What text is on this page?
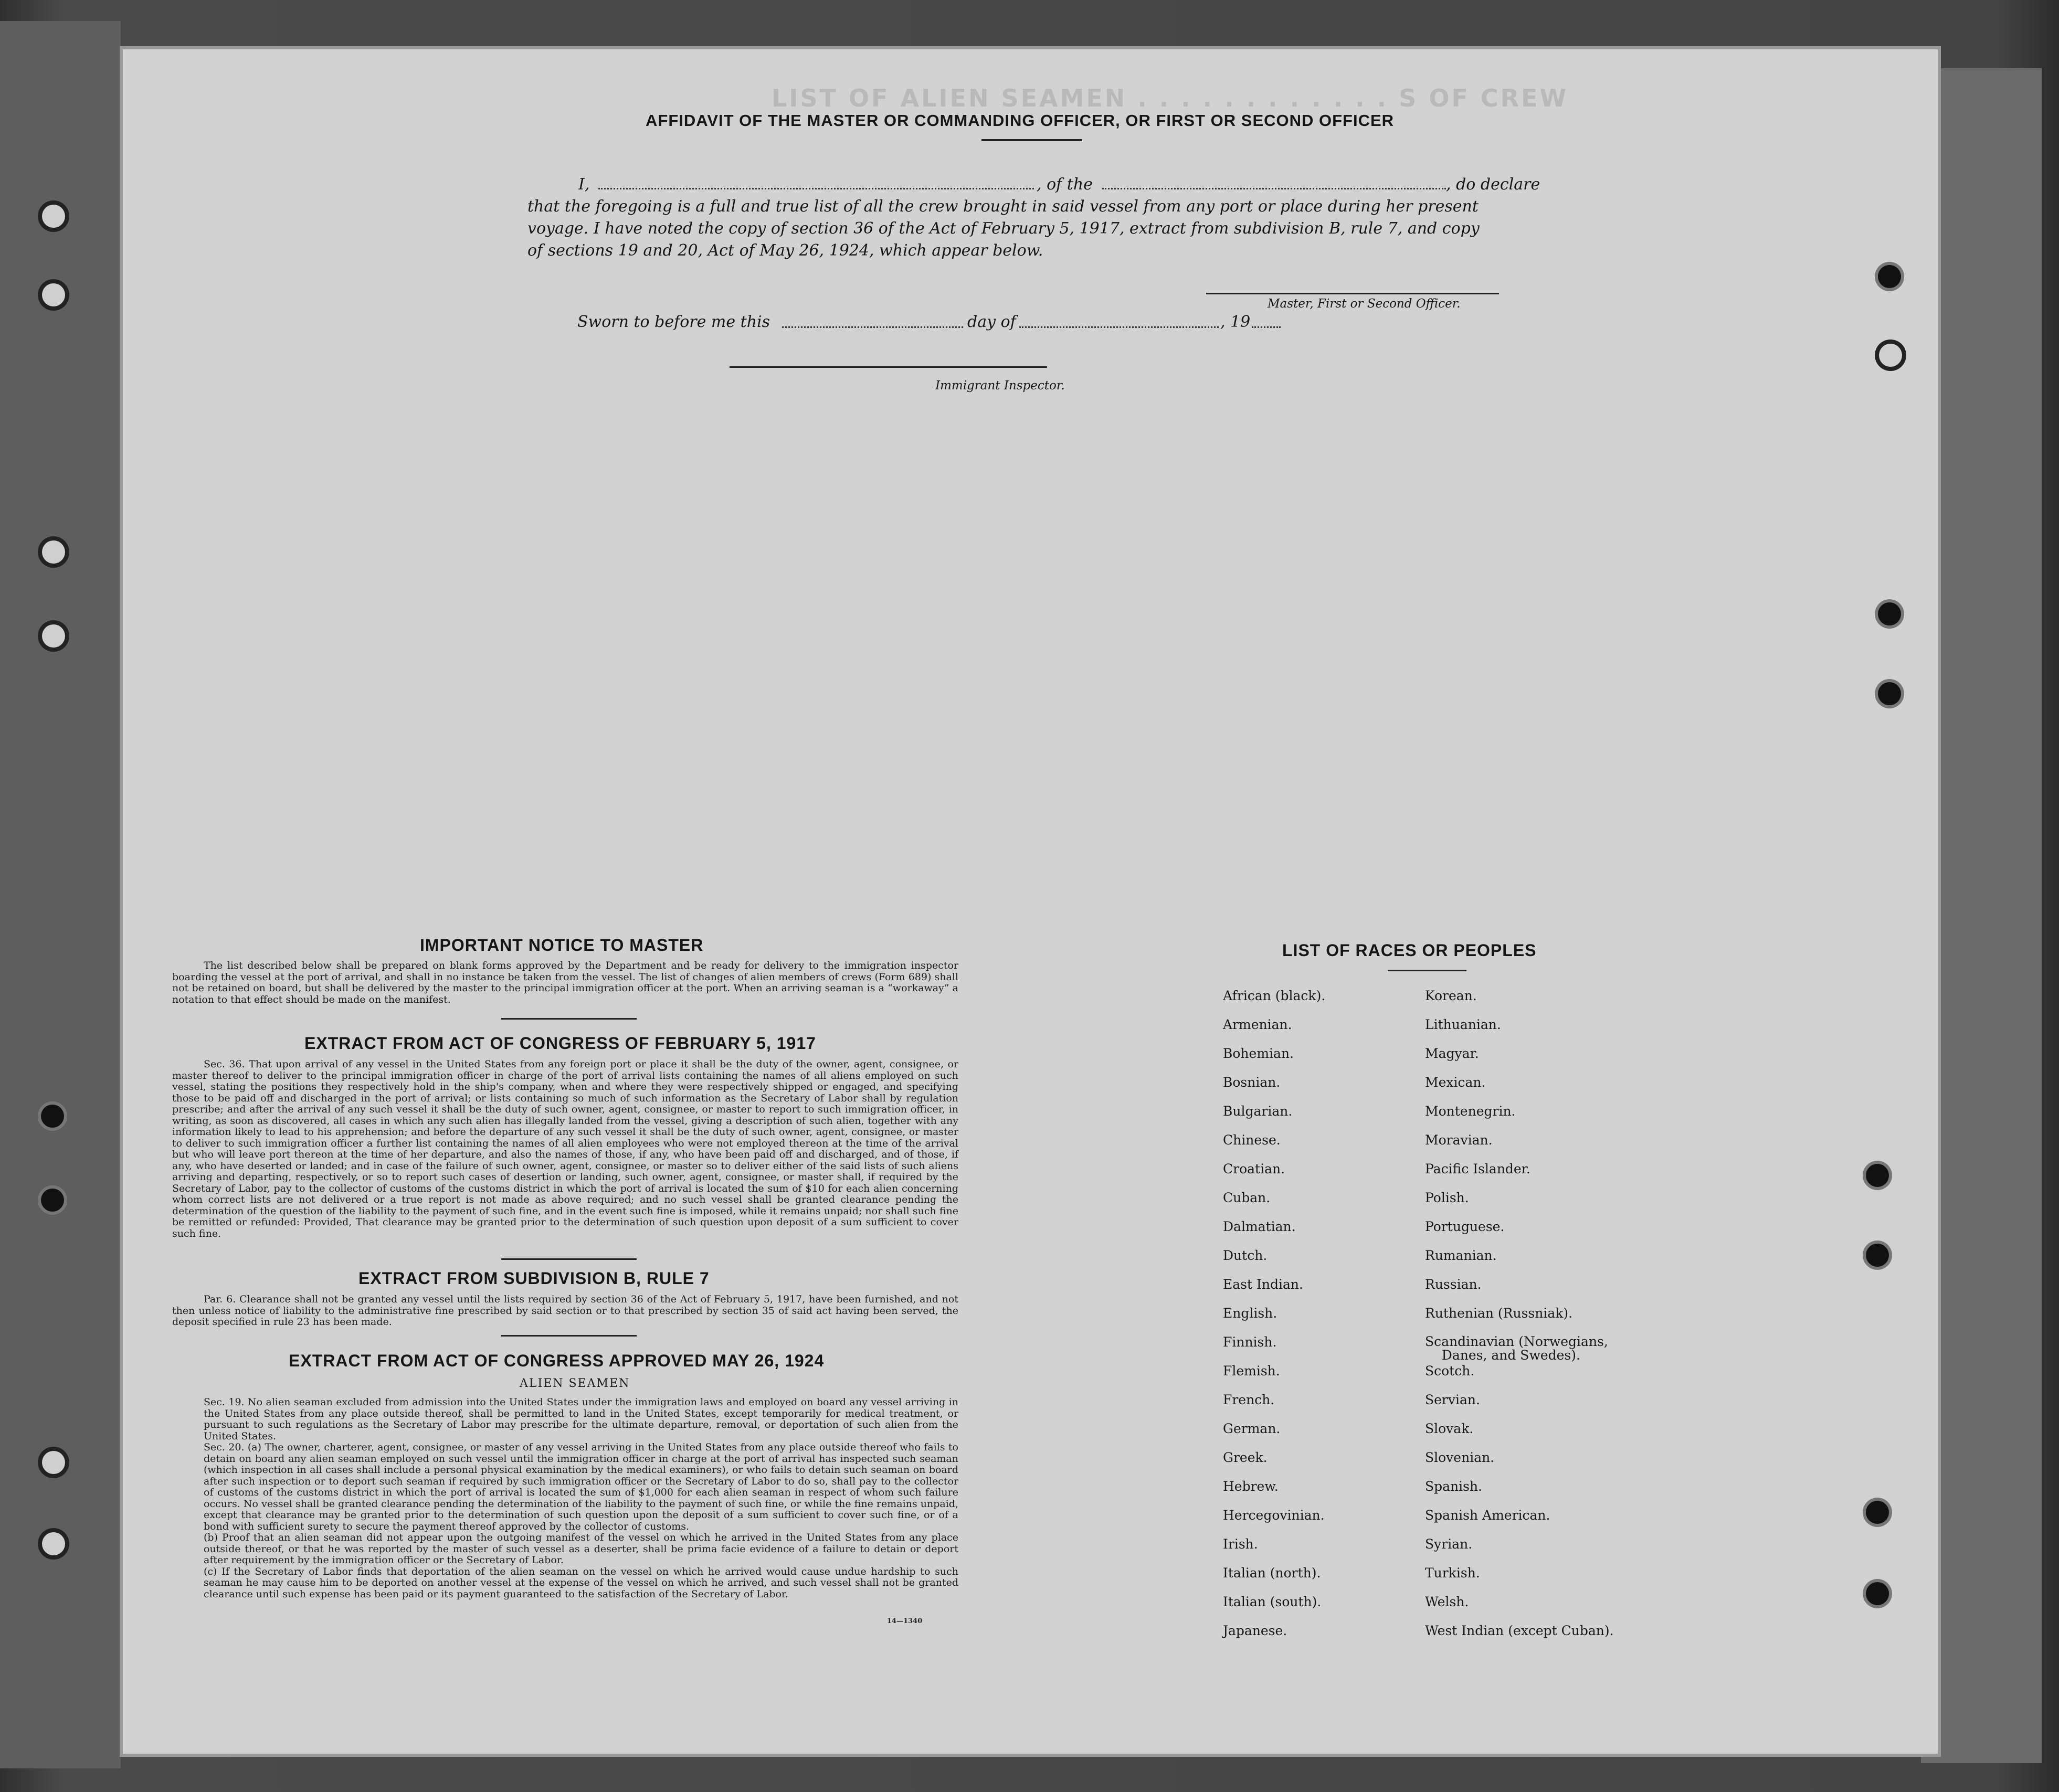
AFFIDAVIT OF THE MASTER OR COMMANDING OFFICER, OR FIRST OR SECOND OFFICER
I,	, of the	, do declare
that the foregoing is a full and true list of all the crew brought in said vessel from any port or place during her present
voyage. I have noted the copy of section 36 of the Act of February 5, 1917, extract from subdivision B, rule 7, and copy
of sections 19 and 20, Act of May 26, 1924, which appear below.
Master, First or Second Officer.
Sworn to before me this	day of	, 19
Immigrant Inspector.
LIST OF ALIEN SEAMEN . . . . . . . . . . . . S OF CREW
IMPORTANT NOTICE TO MASTER
The list described below shall be prepared on blank forms approved by the Department and be ready for delivery to the immigration inspector boarding the vessel at the port of arrival, and shall in no instance be taken from the vessel. The list of changes of alien members of crews (Form 689) shall not be retained on board, but shall be delivered by the master to the principal immigration officer at the port. When an arriving seaman is a “workaway” a notation to that effect should be made on the manifest.
EXTRACT FROM ACT OF CONGRESS OF FEBRUARY 5, 1917
Sec. 36. That upon arrival of any vessel in the United States from any foreign port or place it shall be the duty of the owner, agent, consignee, or master thereof to deliver to the principal immigration officer in charge of the port of arrival lists containing the names of all aliens employed on such vessel, stating the positions they respectively hold in the ship's company, when and where they were respectively shipped or engaged, and specifying those to be paid off and discharged in the port of arrival; or lists containing so much of such information as the Secretary of Labor shall by regulation prescribe; and after the arrival of any such vessel it shall be the duty of such owner, agent, consignee, or master to report to such immigration officer, in writing, as soon as discovered, all cases in which any such alien has illegally landed from the vessel, giving a description of such alien, together with any information likely to lead to his apprehension; and before the departure of any such vessel it shall be the duty of such owner, agent, consignee, or master to deliver to such immigration officer a further list containing the names of all alien employees who were not employed thereon at the time of the arrival but who will leave port thereon at the time of her departure, and also the names of those, if any, who have been paid off and discharged, and of those, if any, who have deserted or landed; and in case of the failure of such owner, agent, consignee, or master so to deliver either of the said lists of such aliens arriving and departing, respectively, or so to report such cases of desertion or landing, such owner, agent, consignee, or master shall, if required by the Secretary of Labor, pay to the collector of customs of the customs district in which the port of arrival is located the sum of $10 for each alien concerning whom correct lists are not delivered or a true report is not made as above required; and no such vessel shall be granted clearance pending the determination of the question of the liability to the payment of such fine, and in the event such fine is imposed, while it remains unpaid; nor shall such fine be remitted or refunded: Provided, That clearance may be granted prior to the determination of such question upon deposit of a sum sufficient to cover such fine.
EXTRACT FROM SUBDIVISION B, RULE 7
Par. 6. Clearance shall not be granted any vessel until the lists required by section 36 of the Act of February 5, 1917, have been furnished, and not then unless notice of liability to the administrative fine prescribed by said section or to that prescribed by section 35 of said act having been served, the deposit specified in rule 23 has been made.
EXTRACT FROM ACT OF CONGRESS APPROVED MAY 26, 1924
ALIEN SEAMEN
Sec. 19. No alien seaman excluded from admission into the United States under the immigration laws and employed on board any vessel arriving in the United States from any place outside thereof, shall be permitted to land in the United States, except temporarily for medical treatment, or pursuant to such regulations as the Secretary of Labor may prescribe for the ultimate departure, removal, or deportation of such alien from the United States.
Sec. 20. (a) The owner, charterer, agent, consignee, or master of any vessel arriving in the United States from any place outside thereof who fails to detain on board any alien seaman employed on such vessel until the immigration officer in charge at the port of arrival has inspected such seaman (which inspection in all cases shall include a personal physical examination by the medical examiners), or who fails to detain such seaman on board after such inspection or to deport such seaman if required by such immigration officer or the Secretary of Labor to do so, shall pay to the collector of customs of the customs district in which the port of arrival is located the sum of $1,000 for each alien seaman in respect of whom such failure occurs. No vessel shall be granted clearance pending the determination of the liability to the payment of such fine, or while the fine remains unpaid, except that clearance may be granted prior to the determination of such question upon the deposit of a sum sufficient to cover such fine, or of a bond with sufficient surety to secure the payment thereof approved by the collector of customs.
(b) Proof that an alien seaman did not appear upon the outgoing manifest of the vessel on which he arrived in the United States from any place outside thereof, or that he was reported by the master of such vessel as a deserter, shall be prima facie evidence of a failure to detain or deport after requirement by the immigration officer or the Secretary of Labor.
(c) If the Secretary of Labor finds that deportation of the alien seaman on the vessel on which he arrived would cause undue hardship to such seaman he may cause him to be deported on another vessel at the expense of the vessel on which he arrived, and such vessel shall not be granted clearance until such expense has been paid or its payment guaranteed to the satisfaction of the Secretary of Labor.
14—1340
LIST OF RACES OR PEOPLES
African (black).
Armenian.
Bohemian.
Bosnian.
Bulgarian.
Chinese.
Croatian.
Cuban.
Dalmatian.
Dutch.
East Indian.
English.
Finnish.
Flemish.
French.
German.
Greek.
Hebrew.
Hercegovinian.
Irish.
Italian (north).
Italian (south).
Japanese.
Korean.
Lithuanian.
Magyar.
Mexican.
Montenegrin.
Moravian.
Pacific Islander.
Polish.
Portuguese.
Rumanian.
Russian.
Ruthenian (Russniak).
Scandinavian (Norwegians,
Danes, and Swedes).
Scotch.
Servian.
Slovak.
Slovenian.
Spanish.
Spanish American.
Syrian.
Turkish.
Welsh.
West Indian (except Cuban).
